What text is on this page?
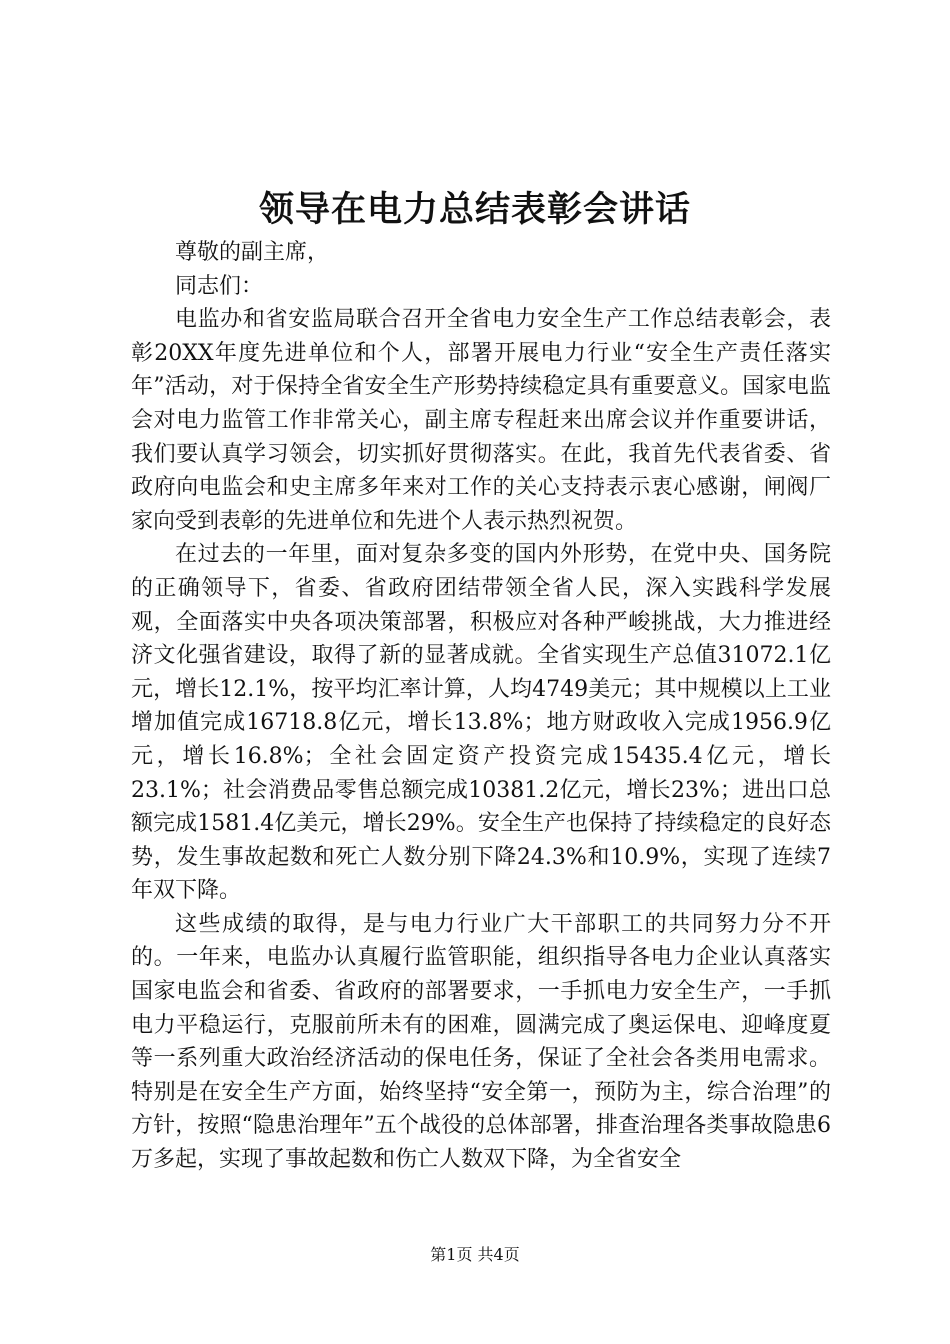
领导在电力总结表彰会讲话

尊敬的副主席，

同志们：

电监办和省安监局联合召开全省电力安全生产工作总结表彰会，表彰20XX年度先进单位和个人，部署开展电力行业“安全生产责任落实年”活动，对于保持全省安全生产形势持续稳定具有重要意义。国家电监会对电力监管工作非常关心，副主席专程赶来出席会议并作重要讲话，我们要认真学习领会，切实抓好贯彻落实。在此，我首先代表省委、省政府向电监会和史主席多年来对工作的关心支持表示衷心感谢，闸阀厂家向受到表彰的先进单位和先进个人表示热烈祝贺。

在过去的一年里，面对复杂多变的国内外形势，在党中央、国务院的正确领导下，省委、省政府团结带领全省人民，深入实践科学发展观，全面落实中央各项决策部署，积极应对各种严峻挑战，大力推进经济文化强省建设，取得了新的显著成就。全省实现生产总值31072.1亿元，增长12.1%，按平均汇率计算，人均4749美元；其中规模以上工业增加值完成16718.8亿元，增长13.8%；地方财政收入完成1956.9亿元，增长16.8%；全社会固定资产投资完成15435.4亿元，增长23.1%；社会消费品零售总额完成10381.2亿元，增长23%；进出口总额完成1581.4亿美元，增长29%。安全生产也保持了持续稳定的良好态势，发生事故起数和死亡人数分别下降24.3%和10.9%，实现了连续7年双下降。

这些成绩的取得，是与电力行业广大干部职工的共同努力分不开的。一年来，电监办认真履行监管职能，组织指导各电力企业认真落实国家电监会和省委、省政府的部署要求，一手抓电力安全生产，一手抓电力平稳运行，克服前所未有的困难，圆满完成了奥运保电、迎峰度夏等一系列重大政治经济活动的保电任务，保证了全社会各类用电需求。特别是在安全生产方面，始终坚持“安全第一，预防为主，综合治理”的方针，按照“隐患治理年”五个战役的总体部署，排查治理各类事故隐患6万多起，实现了事故起数和伤亡人数双下降，为全省安全

第1页 共4页
